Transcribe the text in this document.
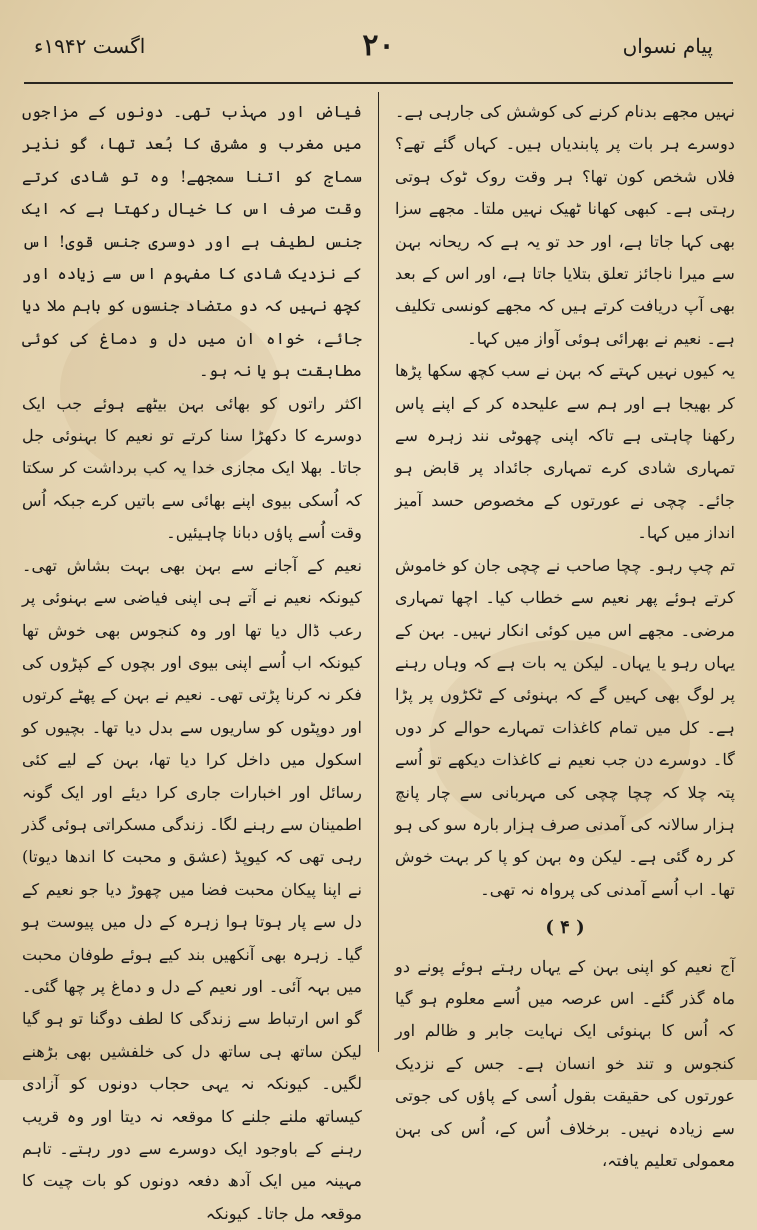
پیام نسواں
۲۰
اگست ۱۹۴۲ء

نہیں مجھے بدنام کرنے کی کوشش کی جارہی ہے۔ دوسرے ہر بات پر پابندیاں ہیں۔ کہاں گئے تھے؟ فلاں شخص کون تھا؟ ہر وقت روک ٹوک ہوتی رہتی ہے۔ کبھی کھانا ٹھیک نہیں ملتا۔ مجھے سزا بھی کہا جاتا ہے، اور حد تو یہ ہے کہ ریحانہ بہن سے میرا ناجائز تعلق بتلایا جاتا ہے، اور اس کے بعد بھی آپ دریافت کرتے ہیں کہ مجھے کونسی تکلیف ہے۔ نعیم نے بھرائی ہوئی آواز میں کہا۔

یہ کیوں نہیں کہتے کہ بہن نے سب کچھ سکھا پڑھا کر بھیجا ہے اور ہم سے علیحدہ کر کے اپنے پاس رکھنا چاہتی ہے تاکہ اپنی چھوٹی نند زہرہ سے تمہاری شادی کرے تمہاری جائداد پر قابض ہو جائے۔ چچی نے عورتوں کے مخصوص حسد آمیز انداز میں کہا۔

تم چپ رہو۔ چچا صاحب نے چچی جان کو خاموش کرتے ہوئے پھر نعیم سے خطاب کیا۔ اچھا تمہاری مرضی۔ مجھے اس میں کوئی انکار نہیں۔ بہن کے یہاں رہو یا یہاں۔ لیکن یہ بات ہے کہ وہاں رہنے پر لوگ بھی کہیں گے کہ بہنوئی کے ٹکڑوں پر پڑا ہے۔ کل میں تمام کاغذات تمہارے حوالے کر دوں گا۔ دوسرے دن جب نعیم نے کاغذات دیکھے تو اُسے پتہ چلا کہ چچا چچی کی مہربانی سے چار پانچ ہزار سالانہ کی آمدنی صرف ہزار بارہ سو کی ہو کر رہ گئی ہے۔ لیکن وہ بہن کو پا کر بہت خوش تھا۔ اب اُسے آمدنی کی پرواہ نہ تھی۔

( ۴ )

آج نعیم کو اپنی بہن کے یہاں رہتے ہوئے پونے دو ماہ گذر گئے۔ اس عرصہ میں اُسے معلوم ہو گیا کہ اُس کا بہنوئی ایک نہایت جابر و ظالم اور کنجوس و تند خو انسان ہے۔ جس کے نزدیک عورتوں کی حقیقت بقول اُسی کے پاؤں کی جوتی سے زیادہ نہیں۔ برخلاف اُس کے، اُس کی بہن معمولی تعلیم یافتہ،

فیاض اور مہذب تھی۔ دونوں کے مزاجوں میں مغرب و مشرق کا بُعد تھا، گو نذیر سماج کو اتنا سمجھے! وہ تو شادی کرتے وقت صرف اس کا خیال رکھتا ہے کہ ایک جنس لطیف ہے اور دوسری جنس قوی! اس کے نزدیک شادی کا مفہوم اس سے زیادہ اور کچھ نہیں کہ دو متضاد جنسوں کو باہم ملا دیا جائے، خواہ ان میں دل و دماغ کی کوئی مطابقت ہو یا نہ ہو۔

اکثر راتوں کو بھائی بہن بیٹھے ہوئے جب ایک دوسرے کا دکھڑا سنا کرتے تو نعیم کا بہنوئی جل جاتا۔ بھلا ایک مجازی خدا یہ کب برداشت کر سکتا کہ اُسکی بیوی اپنے بھائی سے باتیں کرے جبکہ اُس وقت اُسے پاؤں دبانا چاہیئیں۔

نعیم کے آجانے سے بہن بھی بہت بشاش تھی۔ کیونکہ نعیم نے آتے ہی اپنی فیاضی سے بہنوئی پر رعب ڈال دیا تھا اور وہ کنجوس بھی خوش تھا کیونکہ اب اُسے اپنی بیوی اور بچوں کے کپڑوں کی فکر نہ کرنا پڑتی تھی۔ نعیم نے بہن کے پھٹے کرتوں اور دوپٹوں کو ساریوں سے بدل دیا تھا۔ بچیوں کو اسکول میں داخل کرا دیا تھا، بہن کے لیے کئی رسائل اور اخبارات جاری کرا دیئے اور ایک گونہ اطمینان سے رہنے لگا۔ زندگی مسکراتی ہوئی گذر رہی تھی کہ کیوپڈ (عشق و محبت کا اندھا دیوتا) نے اپنا پیکان محبت فضا میں چھوڑ دیا جو نعیم کے دل سے پار ہوتا ہوا زہرہ کے دل میں پیوست ہو گیا۔ زہرہ بھی آنکھیں بند کیے ہوئے طوفان محبت میں بہہ آئی۔ اور نعیم کے دل و دماغ پر چھا گئی۔ گو اس ارتباط سے زندگی کا لطف دوگنا تو ہو گیا لیکن ساتھ ہی ساتھ دل کی خلفشیں بھی بڑھنے لگیں۔ کیونکہ نہ یہی حجاب دونوں کو آزادی کیساتھ ملنے جلنے کا موقعہ نہ دیتا اور وہ قریب رہنے کے باوجود ایک دوسرے سے دور رہتے۔ تاہم مہینہ میں ایک آدھ دفعہ دونوں کو بات چیت کا موقعہ مل جاتا۔ کیونکہ
